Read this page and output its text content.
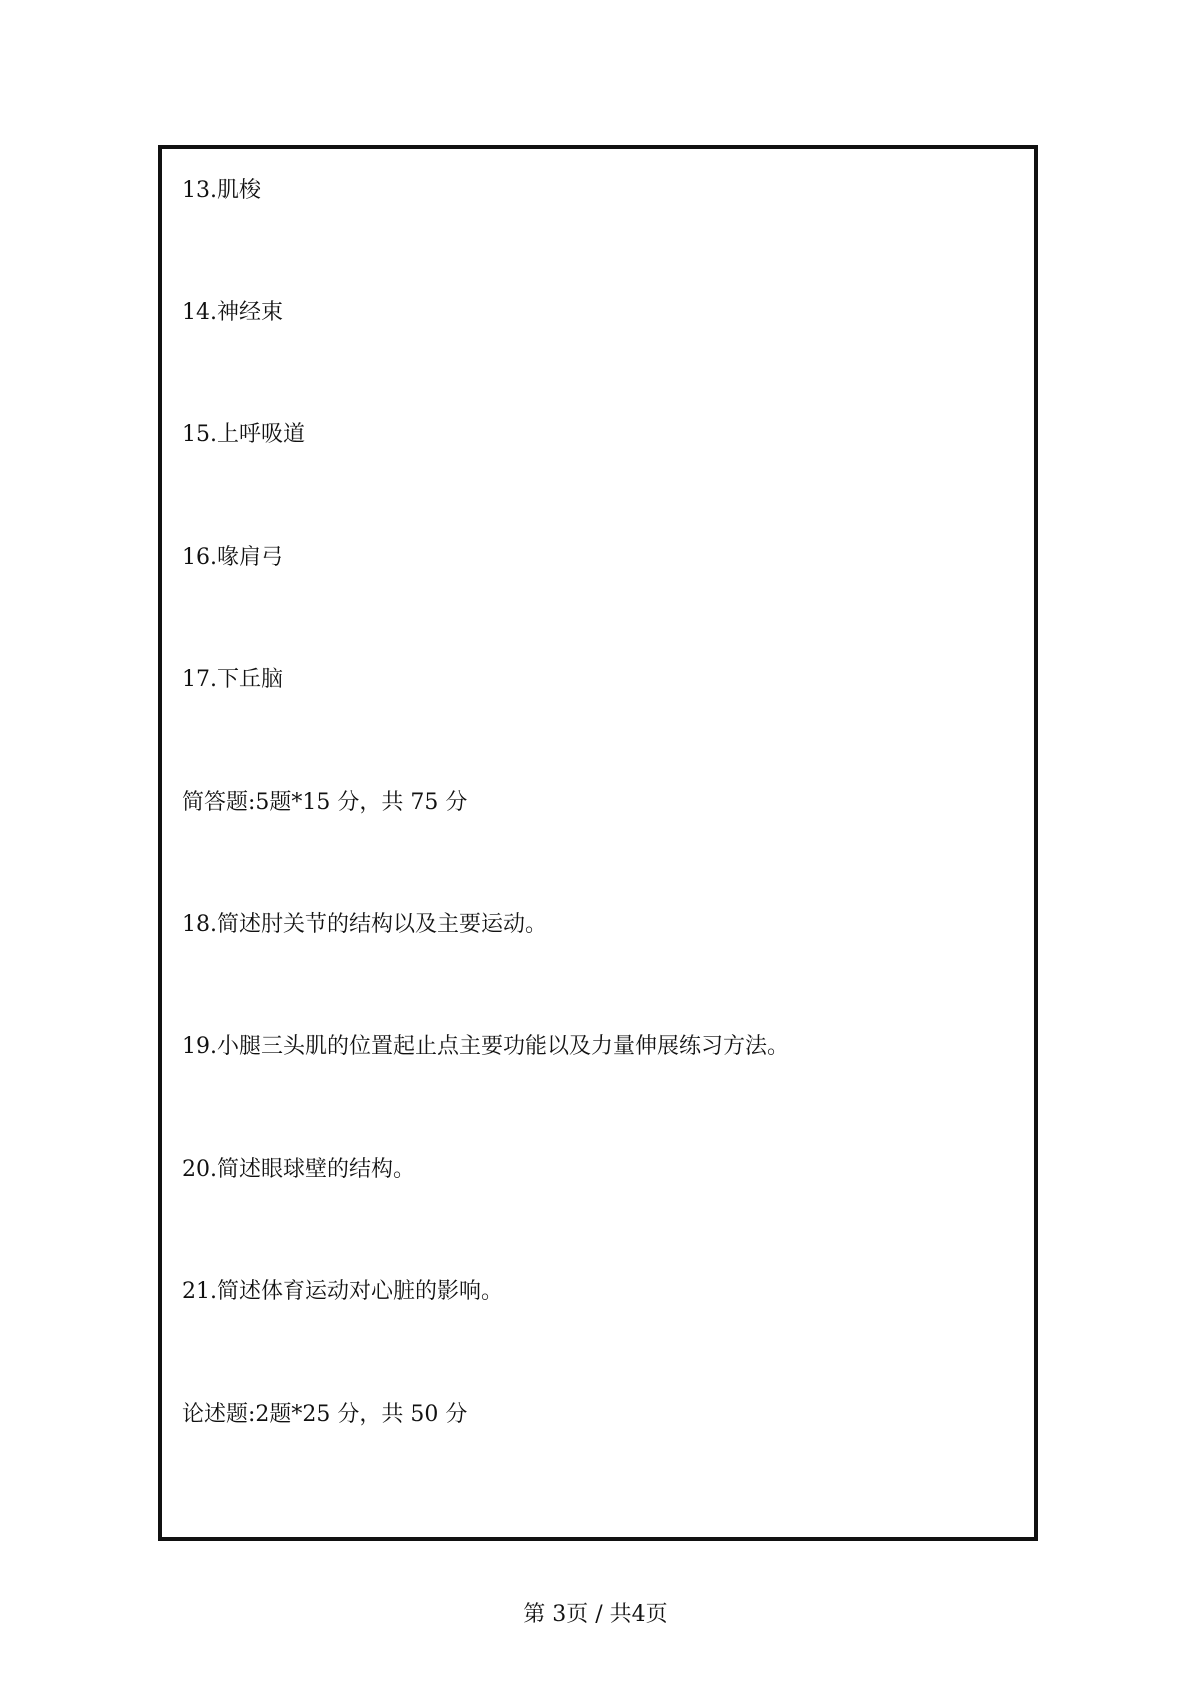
13.肌梭
14.神经束
15.上呼吸道
16.喙肩弓
17.下丘脑
简答题:5题*15 分，共 75 分
18.简述肘关节的结构以及主要运动。
19.小腿三头肌的位置起止点主要功能以及力量伸展练习方法。
20.简述眼球壁的结构。
21.简述体育运动对心脏的影响。
论述题:2题*25 分，共 50 分
第 3页 / 共4页
